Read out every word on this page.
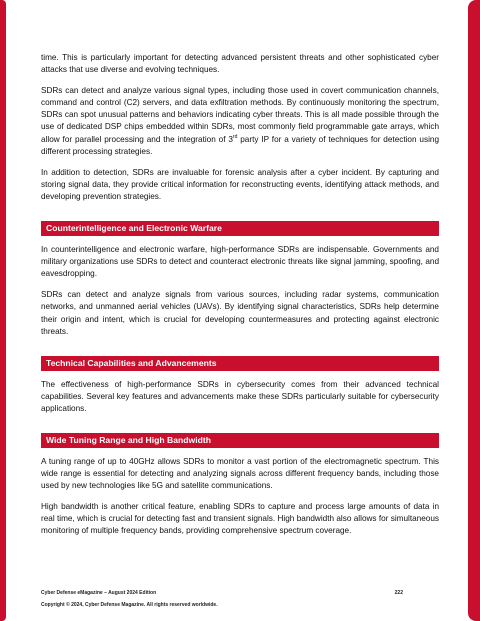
time. This is particularly important for detecting advanced persistent threats and other sophisticated cyber attacks that use diverse and evolving techniques.

SDRs can detect and analyze various signal types, including those used in covert communication channels, command and control (C2) servers, and data exfiltration methods. By continuously monitoring the spectrum, SDRs can spot unusual patterns and behaviors indicating cyber threats. This is all made possible through the use of dedicated DSP chips embedded within SDRs, most commonly field programmable gate arrays, which allow for parallel processing and the integration of 3rd party IP for a variety of techniques for detection using different processing strategies.

In addition to detection, SDRs are invaluable for forensic analysis after a cyber incident. By capturing and storing signal data, they provide critical information for reconstructing events, identifying attack methods, and developing prevention strategies.

Counterintelligence and Electronic Warfare

In counterintelligence and electronic warfare, high-performance SDRs are indispensable. Governments and military organizations use SDRs to detect and counteract electronic threats like signal jamming, spoofing, and eavesdropping.

SDRs can detect and analyze signals from various sources, including radar systems, communication networks, and unmanned aerial vehicles (UAVs). By identifying signal characteristics, SDRs help determine their origin and intent, which is crucial for developing countermeasures and protecting against electronic threats.

Technical Capabilities and Advancements

The effectiveness of high-performance SDRs in cybersecurity comes from their advanced technical capabilities. Several key features and advancements make these SDRs particularly suitable for cybersecurity applications.

Wide Tuning Range and High Bandwidth

A tuning range of up to 40GHz allows SDRs to monitor a vast portion of the electromagnetic spectrum. This wide range is essential for detecting and analyzing signals across different frequency bands, including those used by new technologies like 5G and satellite communications.

High bandwidth is another critical feature, enabling SDRs to capture and process large amounts of data in real time, which is crucial for detecting fast and transient signals. High bandwidth also allows for simultaneous monitoring of multiple frequency bands, providing comprehensive spectrum coverage.

Cyber Defense eMagazine – August 2024 Edition	222
Copyright © 2024, Cyber Defense Magazine. All rights reserved worldwide.
